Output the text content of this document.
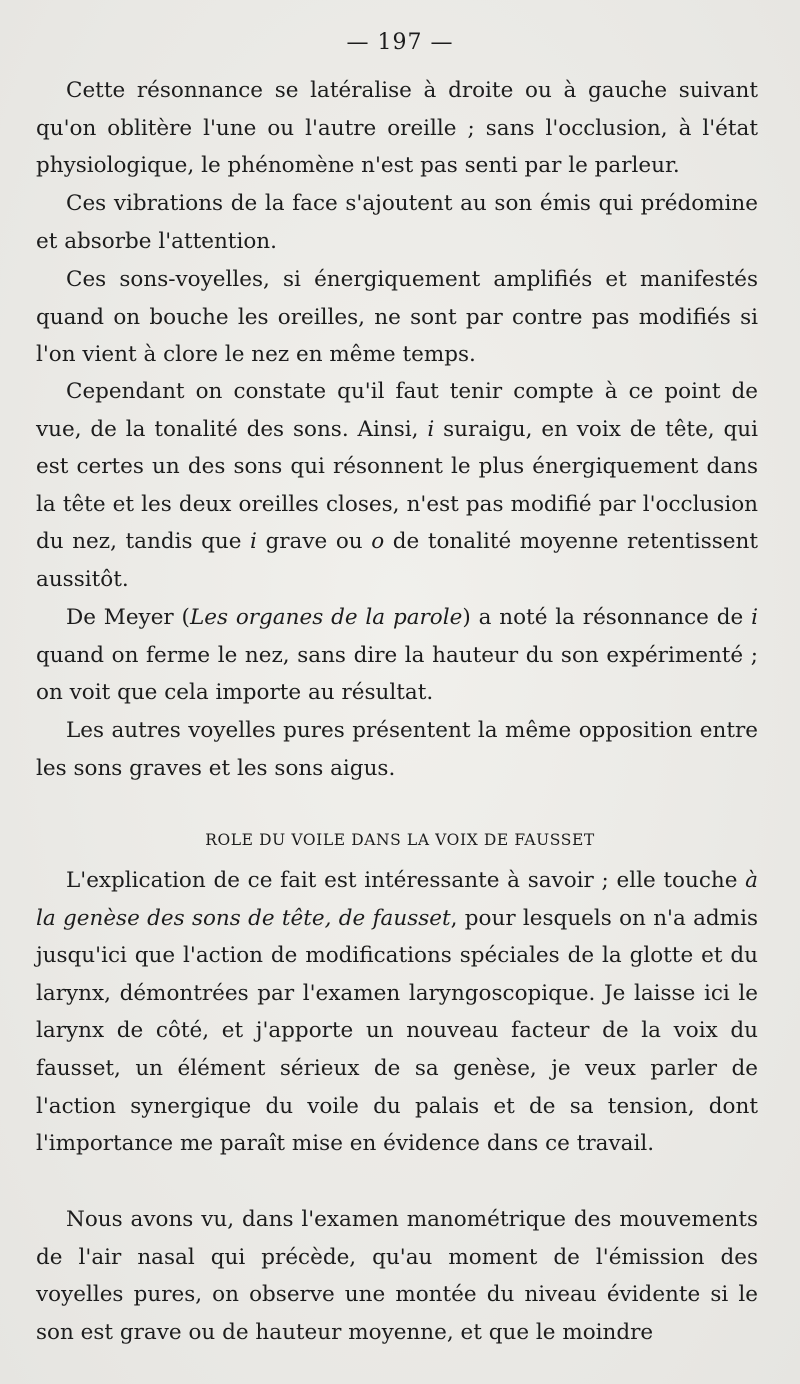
— 197 —

Cette résonnance se latéralise à droite ou à gauche suivant qu'on oblitère l'une ou l'autre oreille ; sans l'occlusion, à l'état physiologique, le phénomène n'est pas senti par le parleur.

Ces vibrations de la face s'ajoutent au son émis qui prédomine et absorbe l'attention.

Ces sons-voyelles, si énergiquement amplifiés et manifestés quand on bouche les oreilles, ne sont par contre pas modifiés si l'on vient à clore le nez en même temps.

Cependant on constate qu'il faut tenir compte à ce point de vue, de la tonalité des sons. Ainsi, i suraigu, en voix de tête, qui est certes un des sons qui résonnent le plus énergiquement dans la tête et les deux oreilles closes, n'est pas modifié par l'occlusion du nez, tandis que i grave ou o de tonalité moyenne retentissent aussitôt.

De Meyer (Les organes de la parole) a noté la résonnance de i quand on ferme le nez, sans dire la hauteur du son expérimenté ; on voit que cela importe au résultat.

Les autres voyelles pures présentent la même opposition entre les sons graves et les sons aigus.

ROLE DU VOILE DANS LA VOIX DE FAUSSET

L'explication de ce fait est intéressante à savoir ; elle touche à la genèse des sons de tête, de fausset, pour lesquels on n'a admis jusqu'ici que l'action de modifications spéciales de la glotte et du larynx, démontrées par l'examen laryngoscopique. Je laisse ici le larynx de côté, et j'apporte un nouveau facteur de la voix du fausset, un élément sérieux de sa genèse, je veux parler de l'action synergique du voile du palais et de sa tension, dont l'importance me paraît mise en évidence dans ce travail.

Nous avons vu, dans l'examen manométrique des mouvements de l'air nasal qui précède, qu'au moment de l'émission des voyelles pures, on observe une montée du niveau évidente si le son est grave ou de hauteur moyenne, et que le moindre
